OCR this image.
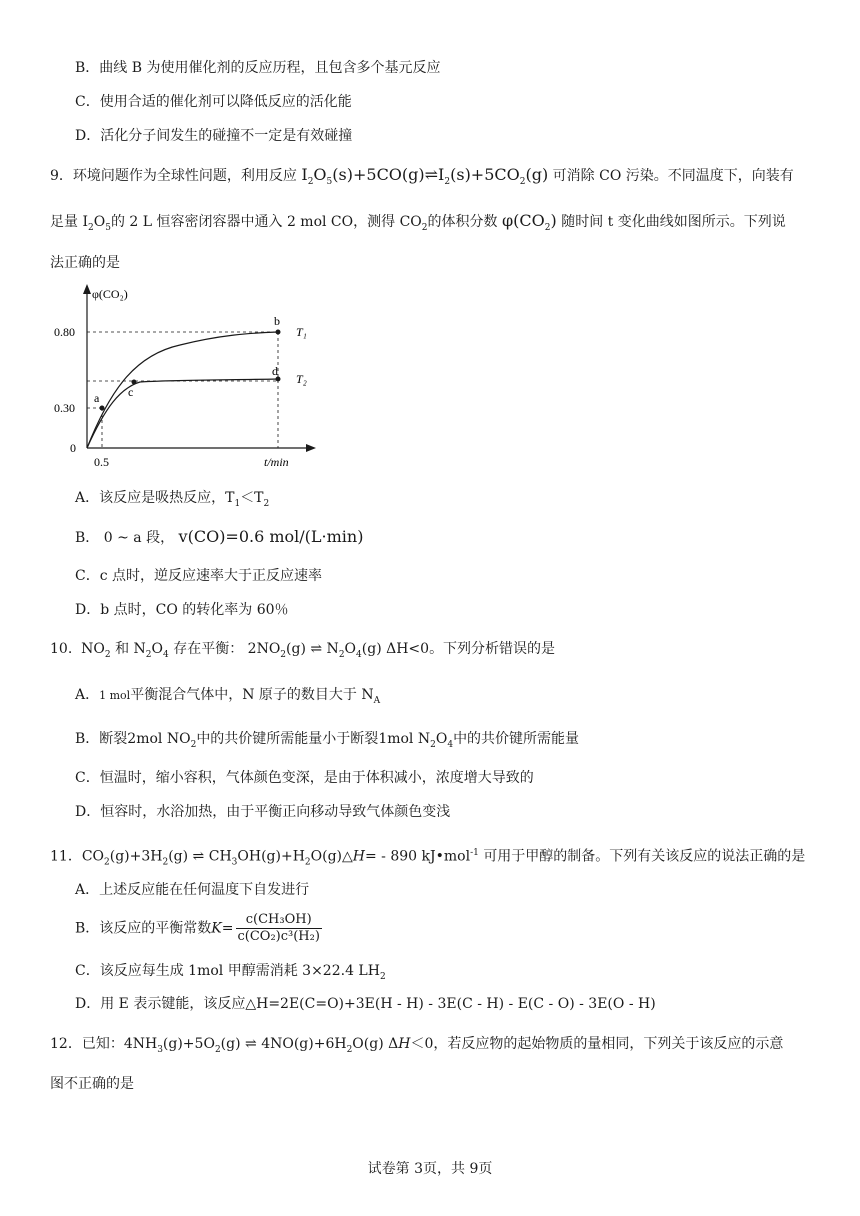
B．曲线 B 为使用催化剂的反应历程，且包含多个基元反应
C．使用合适的催化剂可以降低反应的活化能
D．活化分子间发生的碰撞不一定是有效碰撞
9．环境问题作为全球性问题，利用反应 $I_2O_5(s)+5CO(g)\rightleftharpoons I_2(s)+5CO_2(g)$ 可消除 CO 污染。不同温度下，向装有
足量 $I_2O_5$的 2 L 恒容密闭容器中通入 2 mol CO，测得 $CO_2$的体积分数 $\varphi(CO_2)$ 随时间 t 变化曲线如图所示。下列说
法正确的是
φ(CO₂)
0.80
0.30
0
0.5	t/min
a
b
c
d
T₁
T₂
A．该反应是吸热反应，$T_1<T_2$
B． 0 ~ a 段， v(CO)=0.6 mol/(L·min)
C．c 点时，逆反应速率大于正反应速率
D．b 点时，CO 的转化率为 60％
10. $NO_2$ 和 $N_2O_4$ 存在平衡： $2NO_2(g)$ ⇌ $N_2O_4(g)$ ΔH<0。下列分析错误的是
A．1 mol平衡混合气体中，N 原子的数目大于 $N_A$
B．断裂2mol $NO_2$中的共价键所需能量小于断裂1mol $N_2O_4$中的共价键所需能量
C．恒温时，缩小容积，气体颜色变深，是由于体积减小，浓度增大导致的
D．恒容时，水浴加热，由于平衡正向移动导致气体颜色变浅
11．$CO_2(g)+3H_2(g)$ ⇌ $CH_3OH(g)+H_2O(g)\triangle H=$ ‑ 890 kJ•mol$^{-1}$ 可用于甲醇的制备。下列有关该反应的说法正确的是
A．上述反应能在任何温度下自发进行
B．该反应的平衡常数$K= \frac{\text{c(CH₃OH)}}{\text{c(CO₂)c³(H₂)}}$
C．该反应每生成 1mol 甲醇需消耗 3×22.4 $LH_2$
D．用 E 表示键能，该反应△H=2E(C=O)+3E(H ‑ H) ‑ 3E(C ‑ H) ‑ E(C ‑ O) ‑ 3E(O ‑ H)
12．已知：$4NH_3(g)+5O_2(g)$ ⇌ $4NO(g)+6H_2O(g)$ ΔH＜0，若反应物的起始物质的量相同，下列关于该反应的示意
图不正确的是
试卷第 3页，共 9页
